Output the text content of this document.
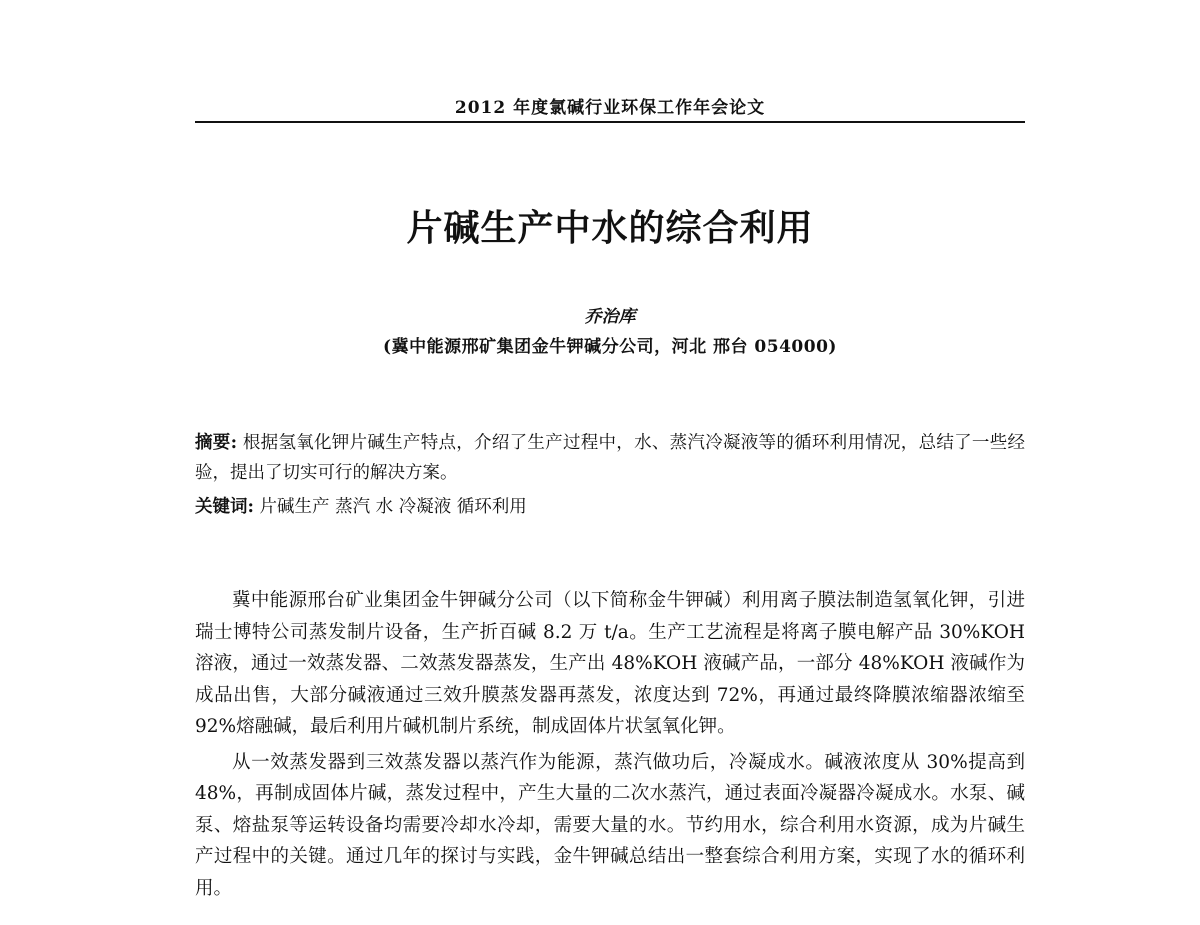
2012 年度氯碱行业环保工作年会论文
片碱生产中水的综合利用
乔治库
(冀中能源邢矿集团金牛钾碱分公司，河北 邢台 054000)
摘要: 根据氢氧化钾片碱生产特点，介绍了生产过程中，水、蒸汽冷凝液等的循环利用情况，总结了一些经验，提出了切实可行的解决方案。
关键词: 片碱生产 蒸汽 水 冷凝液 循环利用

冀中能源邢台矿业集团金牛钾碱分公司（以下简称金牛钾碱）利用离子膜法制造氢氧化钾，引进瑞士博特公司蒸发制片设备，生产折百碱 8.2 万 t/a。生产工艺流程是将离子膜电解产品 30%KOH 溶液，通过一效蒸发器、二效蒸发器蒸发，生产出 48%KOH 液碱产品，一部分 48%KOH 液碱作为成品出售，大部分碱液通过三效升膜蒸发器再蒸发，浓度达到 72%，再通过最终降膜浓缩器浓缩至 92%熔融碱，最后利用片碱机制片系统，制成固体片状氢氧化钾。

从一效蒸发器到三效蒸发器以蒸汽作为能源，蒸汽做功后，冷凝成水。碱液浓度从 30%提高到 48%，再制成固体片碱，蒸发过程中，产生大量的二次水蒸汽，通过表面冷凝器冷凝成水。水泵、碱泵、熔盐泵等运转设备均需要冷却水冷却，需要大量的水。节约用水，综合利用水资源，成为片碱生产过程中的关键。通过几年的探讨与实践，金牛钾碱总结出一整套综合利用方案，实现了水的循环利用。
